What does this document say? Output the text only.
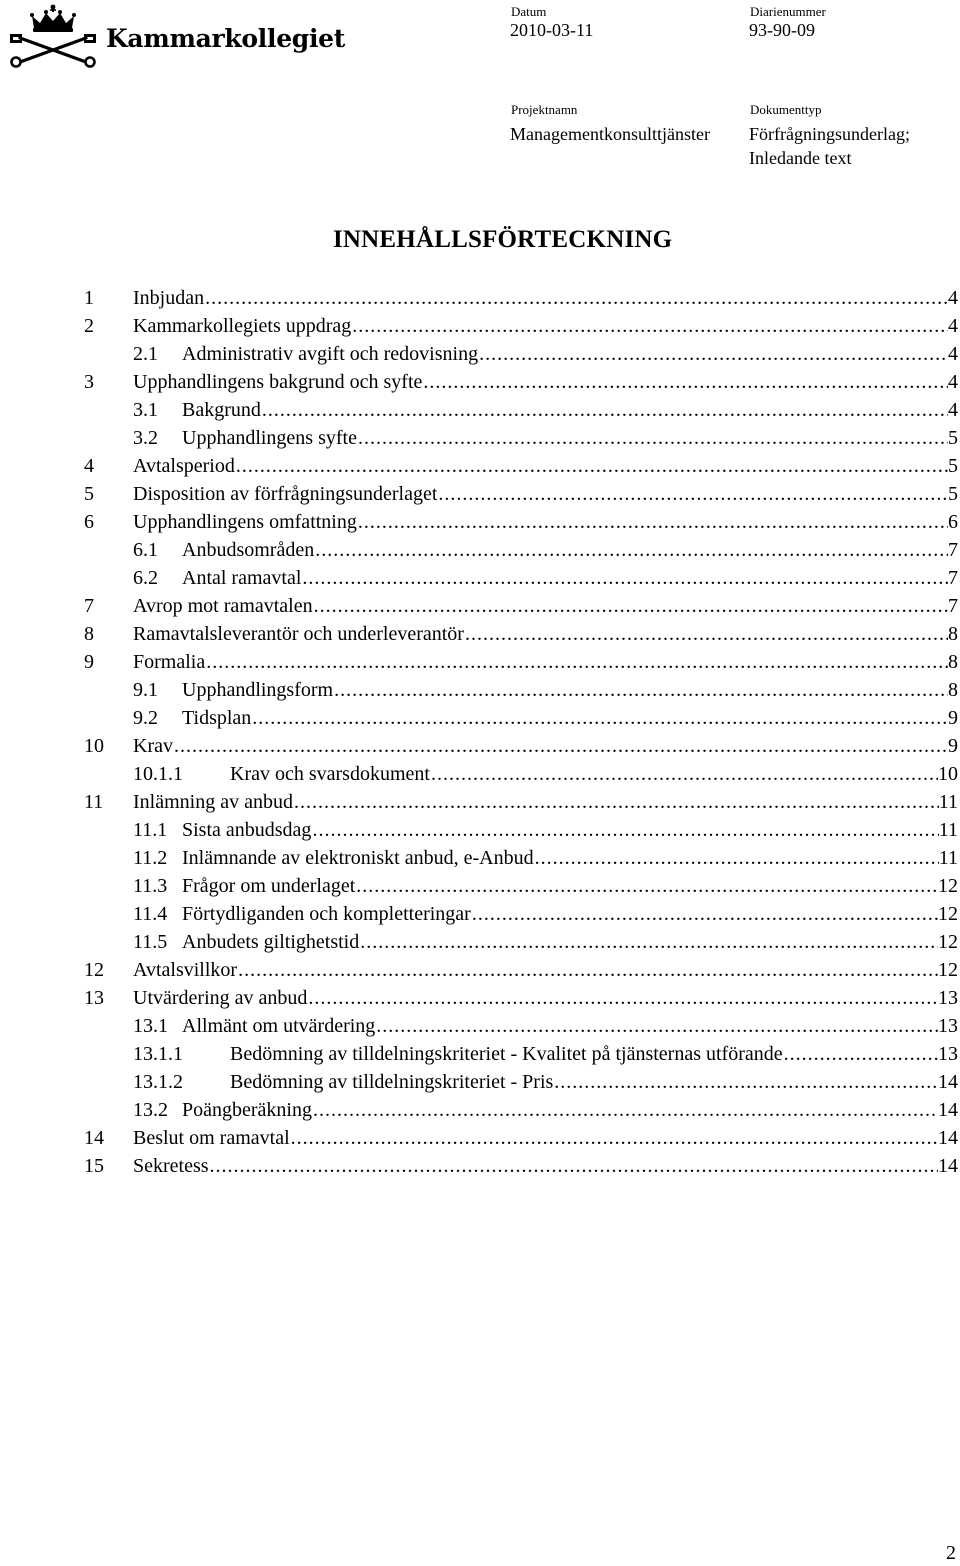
Kammarkollegiet
Datum
2010-03-11
Diarienummer
93-90-09
Projektnamn
Managementkonsulttjänster
Dokumenttyp
Förfrågningsunderlag;
Inledande text
INNEHÅLLSFÖRTECKNING
1	Inbjudan . . .	4
2	Kammarkollegiets uppdrag . . .	4
2.1	Administrativ avgift och redovisning . . .	4
3	Upphandlingens bakgrund och syfte . . .	4
3.1	Bakgrund . . .	4
3.2	Upphandlingens syfte . . .	5
4	Avtalsperiod . . .	5
5	Disposition av förfrågningsunderlaget . . .	5
6	Upphandlingens omfattning . . .	6
6.1	Anbudsområden . . .	7
6.2	Antal ramavtal . . .	7
7	Avrop mot ramavtalen . . .	7
8	Ramavtalsleverantör och underleverantör . . .	8
9	Formalia . . .	8
9.1	Upphandlingsform . . .	8
9.2	Tidsplan . . .	9
10	Krav . . .	9
10.1.1	Krav och svarsdokument . . .	10
11	Inlämning av anbud . . .	11
11.1 Sista anbudsdag . . .	11
11.2 Inlämnande av elektroniskt anbud, e-Anbud . . .	11
11.3 Frågor om underlaget . . .	12
11.4 Förtydliganden och kompletteringar . . .	12
11.5 Anbudets giltighetstid . . .	12
12	Avtalsvillkor . . .	12
13	Utvärdering av anbud . . .	13
13.1 Allmänt om utvärdering . . .	13
13.1.1	Bedömning av tilldelningskriteriet - Kvalitet på tjänsternas utförande . . .	13
13.1.2	Bedömning av tilldelningskriteriet - Pris . . .	14
13.2 Poängberäkning . . .	14
14	Beslut om ramavtal . . .	14
15	Sekretess . . .	14
2
